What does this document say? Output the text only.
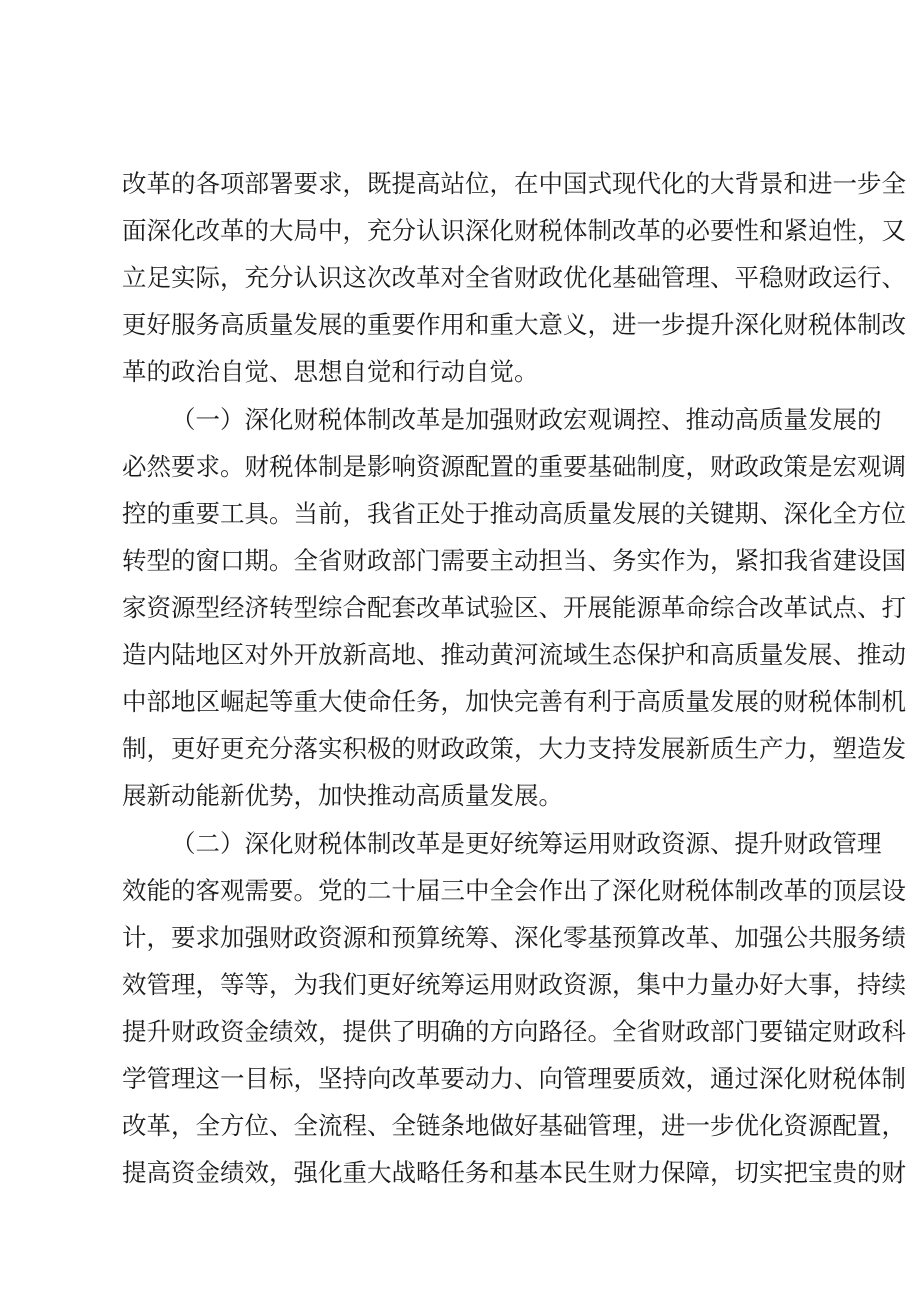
改革的各项部署要求，既提高站位，在中国式现代化的大背景和进一步全
面深化改革的大局中，充分认识深化财税体制改革的必要性和紧迫性，又
立足实际，充分认识这次改革对全省财政优化基础管理、平稳财政运行、
更好服务高质量发展的重要作用和重大意义，进一步提升深化财税体制改
革的政治自觉、思想自觉和行动自觉。
（一）深化财税体制改革是加强财政宏观调控、推动高质量发展的
必然要求。财税体制是影响资源配置的重要基础制度，财政政策是宏观调
控的重要工具。当前，我省正处于推动高质量发展的关键期、深化全方位
转型的窗口期。全省财政部门需要主动担当、务实作为，紧扣我省建设国
家资源型经济转型综合配套改革试验区、开展能源革命综合改革试点、打
造内陆地区对外开放新高地、推动黄河流域生态保护和高质量发展、推动
中部地区崛起等重大使命任务，加快完善有利于高质量发展的财税体制机
制，更好更充分落实积极的财政政策，大力支持发展新质生产力，塑造发
展新动能新优势，加快推动高质量发展。
（二）深化财税体制改革是更好统筹运用财政资源、提升财政管理
效能的客观需要。党的二十届三中全会作出了深化财税体制改革的顶层设
计，要求加强财政资源和预算统筹、深化零基预算改革、加强公共服务绩
效管理，等等，为我们更好统筹运用财政资源，集中力量办好大事，持续
提升财政资金绩效，提供了明确的方向路径。全省财政部门要锚定财政科
学管理这一目标，坚持向改革要动力、向管理要质效，通过深化财税体制
改革，全方位、全流程、全链条地做好基础管理，进一步优化资源配置，
提高资金绩效，强化重大战略任务和基本民生财力保障，切实把宝贵的财
